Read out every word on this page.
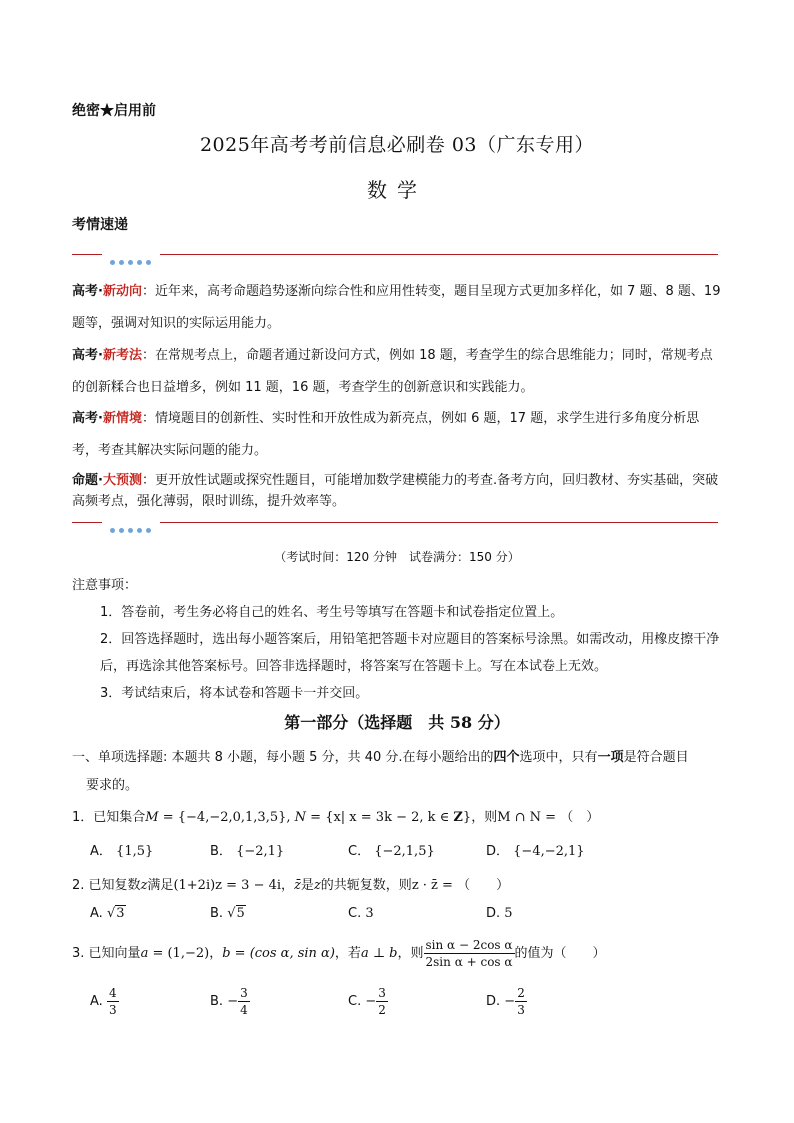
绝密★启用前
2025年高考考前信息必刷卷 03（广东专用）
数学
考情速递
高考·新动向：近年来，高考命题趋势逐渐向综合性和应用性转变，题目呈现方式更加多样化，如 7 题、8 题、19 题等，强调对知识的实际运用能力。
高考·新考法：在常规考点上，命题者通过新设问方式，例如 18 题，考查学生的综合思维能力；同时，常规考点的创新糅合也日益增多，例如 11 题，16 题，考查学生的创新意识和实践能力。
高考·新情境：情境题目的创新性、实时性和开放性成为新亮点，例如 6 题，17 题，求学生进行多角度分析思考，考查其解决实际问题的能力。
命题·大预测：更开放性试题或探究性题目，可能增加数学建模能力的考查.备考方向，回归教材、夯实基础，突破高频考点，强化薄弱，限时训练，提升效率等。
（考试时间：120 分钟　试卷满分：150 分）
注意事项：
1．答卷前，考生务必将自己的姓名、考生号等填写在答题卡和试卷指定位置上。
2．回答选择题时，选出每小题答案后，用铅笔把答题卡对应题目的答案标号涂黑。如需改动，用橡皮擦干净后，再选涂其他答案标号。回答非选择题时，将答案写在答题卡上。写在本试卷上无效。
3．考试结束后，将本试卷和答题卡一并交回。
第一部分（选择题　共 58 分）
一、单项选择题: 本题共 8 小题，每小题 5 分，共 40 分.在每小题给出的四个选项中，只有一项是符合题目
要求的。
1．已知集合M = {−4,−2,0,1,3,5}, N = {x| x = 3k − 2, k ∈ Z}，则M ∩ N = （　）
A． {1,5}	B． {−2,1}	C． {−2,1,5}	D． {−4,−2,1}
2. 已知复数z满足(1+2i)z = 3 − 4i，z̄是z的共轭复数，则z · z̄ = （　　）
A. √3	B. √5	C. 3	D. 5
3. 已知向量a = (1,−2)，b = (cos α, sin α)，若a ⊥ b，则 $\frac{\text{sin α − 2cos α}}{\text{2sin α + cos α}}$ 的值为（　　）
A. $\frac{4}{3}$	B. − $\frac{3}{4}$	C. − $\frac{3}{2}$	D. − $\frac{2}{3}$
